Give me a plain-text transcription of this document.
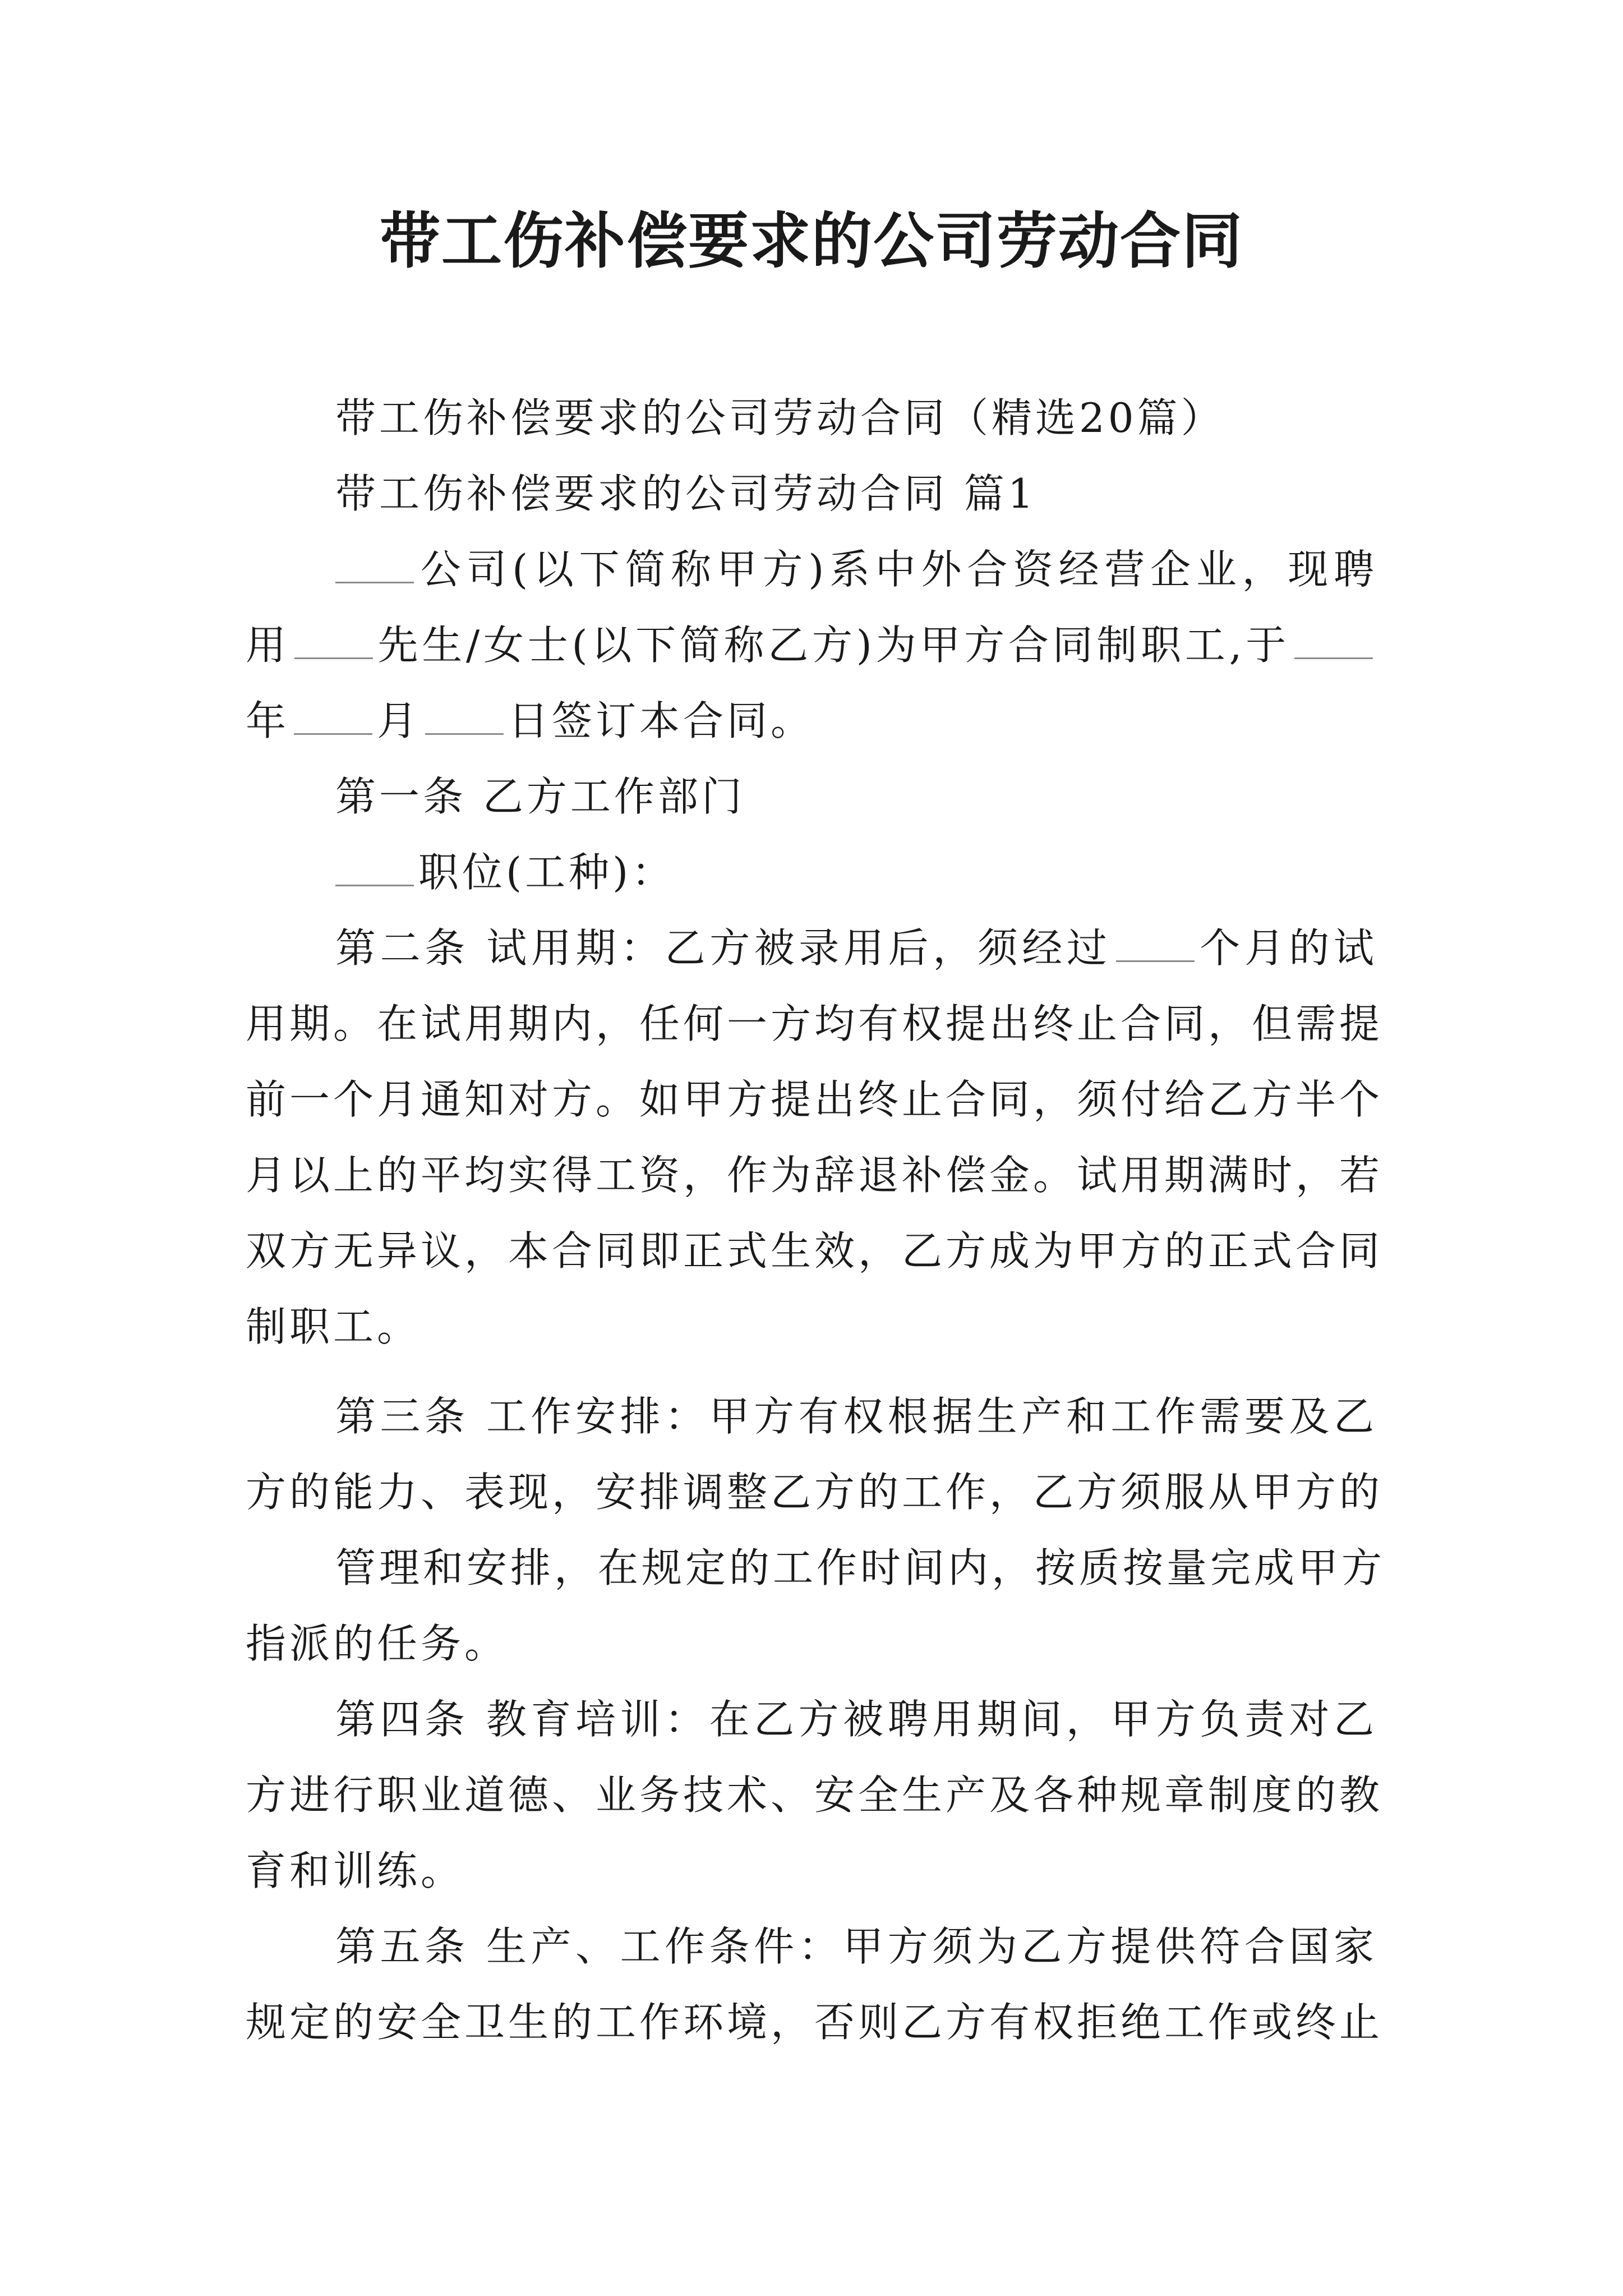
带工伤补偿要求的公司劳动合同
带工伤补偿要求的公司劳动合同（精选20篇）
带工伤补偿要求的公司劳动合同 篇1
公司(以下简称甲方)系中外合资经营企业，现聘
用 先生/女士(以下简称乙方)为甲方合同制职工,于
年 月 日签订本合同。
第一条 乙方工作部门
职位(工种)：
第二条 试用期：乙方被录用后，须经过 个月的试
用期。在试用期内，任何一方均有权提出终止合同，但需提
前一个月通知对方。如甲方提出终止合同，须付给乙方半个
月以上的平均实得工资，作为辞退补偿金。试用期满时，若
双方无异议，本合同即正式生效，乙方成为甲方的正式合同
制职工。
第三条 工作安排：甲方有权根据生产和工作需要及乙
方的能力、表现，安排调整乙方的工作，乙方须服从甲方的
管理和安排，在规定的工作时间内，按质按量完成甲方
指派的任务。
第四条 教育培训：在乙方被聘用期间，甲方负责对乙
方进行职业道德、业务技术、安全生产及各种规章制度的教
育和训练。
第五条 生产、工作条件：甲方须为乙方提供符合国家
规定的安全卫生的工作环境，否则乙方有权拒绝工作或终止
